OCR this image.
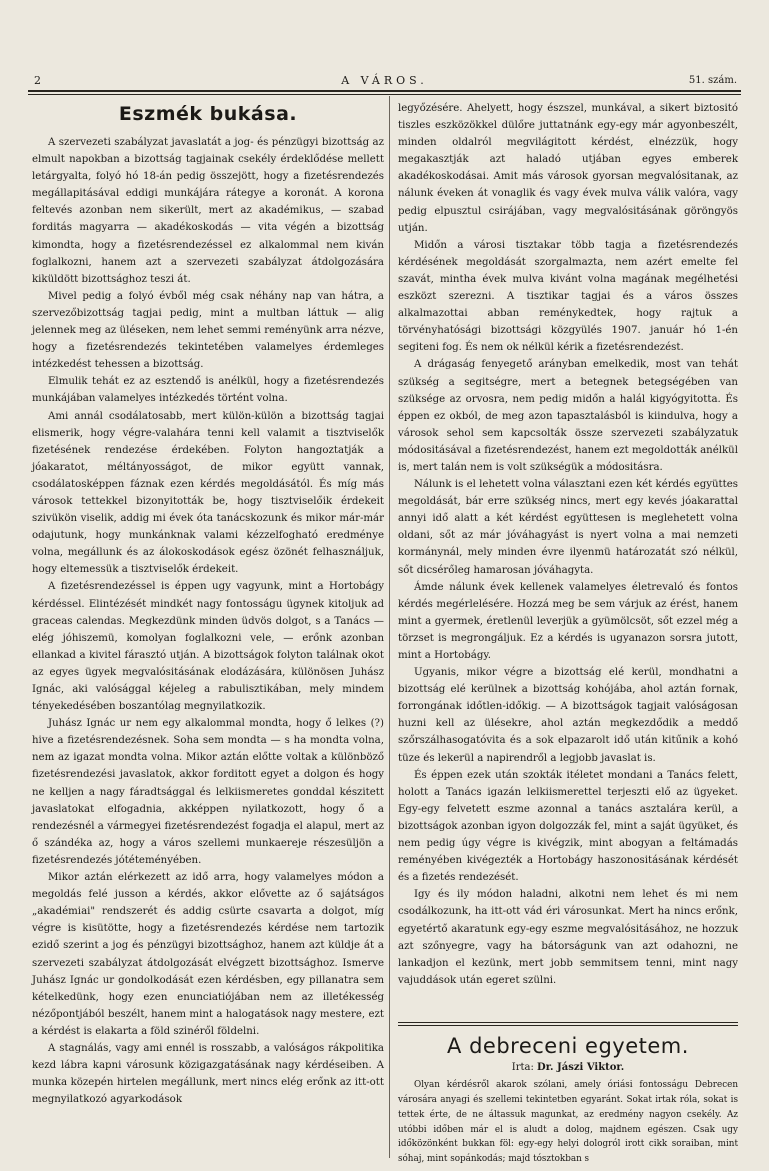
2	A VÁROS.	51. szám.
Eszmék bukása.

A szervezeti szabályzat javaslatát a jog- és pénzügyi bizottság az elmult napokban a bizottság tagjainak csekély érdeklődése mellett letárgyalta, folyó hó 18-án pedig összejött, hogy a fizetésrendezés megállapitásával eddigi munkájára rátegye a koronát. A korona feltevés azonban nem sikerült, mert az akadémikus, — szabad forditás magyarra — akadékoskodás — vita végén a bizottság kimondta, hogy a fizetésrendezéssel ez alkalommal nem kiván foglalkozni, hanem azt a szervezeti szabályzat átdolgozására kiküldött bizottsághoz teszi át.

Mivel pedig a folyó évből még csak néhány nap van hátra, a szervezőbizottság tagjai pedig, mint a multban láttuk — alig jelennek meg az üléseken, nem lehet semmi reményünk arra nézve, hogy a fizetésrendezés tekintetében valamelyes érdemleges intézkedést tehessen a bizottság.

Elmulik tehát ez az esztendő is anélkül, hogy a fizetésrendezés munkájában valamelyes intézkedés történt volna.

Ami annál csodálatosabb, mert külön-külön a bizottság tagjai elismerik, hogy végre-valahára tenni kell valamit a tisztviselők fizetésének rendezése érdekében. Folyton hangoztatják a jóakaratot, méltányosságot, de mikor együtt vannak, csodálatosképpen fáznak ezen kérdés megoldásától. És míg más városok tettekkel bizonyitották be, hogy tisztviselőik érdekeit szivükön viselik, addig mi évek óta tanácskozunk és mikor már-már odajutunk, hogy munkánknak valami kézzelfogható eredménye volna, megállunk és az álokoskodások egész özönét felhasználjuk, hogy eltemessük a tisztviselők érdekeit.

A fizetésrendezéssel is éppen ugy vagyunk, mint a Hortobágy kérdéssel. Elintézését mindkét nagy fontosságu ügynek kitoljuk ad graceas calendas. Megkezdünk minden üdvös dolgot, s a Tanács — elég jóhiszemü, komolyan foglalkozni vele, — erőnk azonban ellankad a kivitel fárasztó utján. A bizottságok folyton találnak okot az egyes ügyek megvalósitásának elodázására, különösen Juhász Ignác, aki valósággal kéjeleg a rabulisztikában, mely mindem tényekedésében boszantólag megnyilatkozik.

Juhász Ignác ur nem egy alkalommal mondta, hogy ő lelkes (?) hive a fizetésrendezésnek. Soha sem mondta — s ha mondta volna, nem az igazat mondta volna. Mikor aztán előtte voltak a különböző fizetésrendezési javaslatok, akkor forditott egyet a dolgon és hogy ne kelljen a nagy fáradtsággal és lelkiismeretes gonddal készitett javaslatokat elfogadnia, akképpen nyilatkozott, hogy ő a rendezésnél a vármegyei fizetésrendezést fogadja el alapul, mert az ő szándéka az, hogy a város szellemi munkaereje részesüljön a fizetésrendezés jótéteményében.

Mikor aztán elérkezett az idő arra, hogy valamelyes módon a megoldás felé jusson a kérdés, akkor elővette az ő sajátságos „akadémiai" rendszerét és addig csürte csavarta a dolgot, míg végre is kisütötte, hogy a fizetésrendezés kérdése nem tartozik ezidő szerint a jog és pénzügyi bizottsághoz, hanem azt küldje át a szervezeti szabályzat átdolgozását elvégzett bizottsághoz. Ismerve Juhász Ignác ur gondolkodását ezen kérdésben, egy pillanatra sem kételkedünk, hogy ezen enunciatiójában nem az illetékesség nézőpontjából beszélt, hanem mint a halogatások nagy mestere, ezt a kérdést is elakarta a föld szinéről földelni.

A stagnálás, vagy ami ennél is rosszabb, a valóságos rákpolitika kezd lábra kapni városunk közigazgatásának nagy kérdéseiben. A munka közepén hirtelen megállunk, mert nincs elég erőnk az itt-ott megnyilatkozó agyarkodások

legyőzésére. Ahelyett, hogy észszel, munkával, a sikert biztositó tiszles eszközökkel dülőre juttatnánk egy-egy már agyonbeszélt, minden oldalról megvilágitott kérdést, elnézzük, hogy megakasztják azt haladó utjában egyes emberek akadékoskodásai. Amit más városok gyorsan megvalósitanak, az nálunk éveken át vonaglik és vagy évek mulva válik valóra, vagy pedig elpusztul csirájában, vagy megvalósitásának göröngyös utján.

Midőn a városi tisztakar több tagja a fizetésrendezés kérdésének megoldását szorgalmazta, nem azért emelte fel szavát, mintha évek mulva kivánt volna magának megélhetési eszközt szerezni. A tisztikar tagjai és a város összes alkalmazottai abban reménykedtek, hogy rajtuk a törvényhatósági bizottsági közgyülés 1907. január hó 1-én segiteni fog. És nem ok nélkül kérik a fizetésrendezést.

A drágaság fenyegető arányban emelkedik, most van tehát szükség a segitségre, mert a betegnek betegségében van szüksége az orvosra, nem pedig midőn a halál kigyógyitotta. És éppen ez okból, de meg azon tapasztalásból is kiindulva, hogy a városok sehol sem kapcsolták össze szervezeti szabályzatuk módositásával a fizetésrendezést, hanem ezt megoldották anélkül is, mert talán nem is volt szükségük a módositásra.

Nálunk is el lehetett volna választani ezen két kérdés együttes megoldását, bár erre szükség nincs, mert egy kevés jóakarattal annyi idő alatt a két kérdést együttesen is meglehetett volna oldani, sőt az már jóváhagyást is nyert volna a mai nemzeti kormánynál, mely minden évre ilyenmü határozatát szó nélkül, sőt dicsérőleg hamarosan jóváhagyta.

Ámde nálunk évek kellenek valamelyes életrevaló és fontos kérdés megérlelésére. Hozzá meg be sem várjuk az érést, hanem mint a gyermek, éretlenül leverjük a gyümölcsöt, sőt ezzel még a törzset is megrongáljuk. Ez a kérdés is ugyanazon sorsra jutott, mint a Hortobágy.

Ugyanis, mikor végre a bizottság elé kerül, mondhatni a bizottság elé kerülnek a bizottság kohójába, ahol aztán fornak, forrongának időtlen-időkig. — A bizottságok tagjait valóságosan huzni kell az ülésekre, ahol aztán megkezdődik a meddő szőrszálhasogatóvita és a sok elpazarolt idő után kitűnik a kohó tüze és lekerül a napirendről a legjobb javaslat is.

És éppen ezek után szokták itéletet mondani a Tanács felett, holott a Tanács igazán lelkiismerettel terjeszti elő az ügyeket. Egy-egy felvetett eszme azonnal a tanács asztalára kerül, a bizottságok azonban igyon dolgozzák fel, mint a saját ügyüket, és nem pedig úgy végre is kivégzik, mint abogyan a feltámadás reményében kivégezték a Hortobágy haszonositásának kérdését és a fizetés rendezését.

Igy és ily módon haladni, alkotni nem lehet és mi nem csodálkozunk, ha itt-ott vád éri városunkat. Mert ha nincs erőnk, egyetértő akaratunk egy-egy eszme megvalósitásához, ne hozzuk azt szőnyegre, vagy ha bátorságunk van azt odahozni, ne lankadjon el kezünk, mert jobb semmitsem tenni, mint nagy vajuddások után egeret szülni.

A debreceni egyetem.
Irta: Dr. Jászi Viktor.

Olyan kérdésről akarok szólani, amely óriási fontosságu Debrecen városára anyagi és szellemi tekintetben egyaránt. Sokat irtak róla, sokat is tettek érte, de ne áltassuk magunkat, az eredmény nagyon csekély. Az utóbbi időben már el is aludt a dolog, majdnem egészen. Csak ugy időközönként bukkan föl: egy-egy helyi dologról irott cikk soraiban, mint sóhaj, mint sopánkodás; majd tósztokban s
